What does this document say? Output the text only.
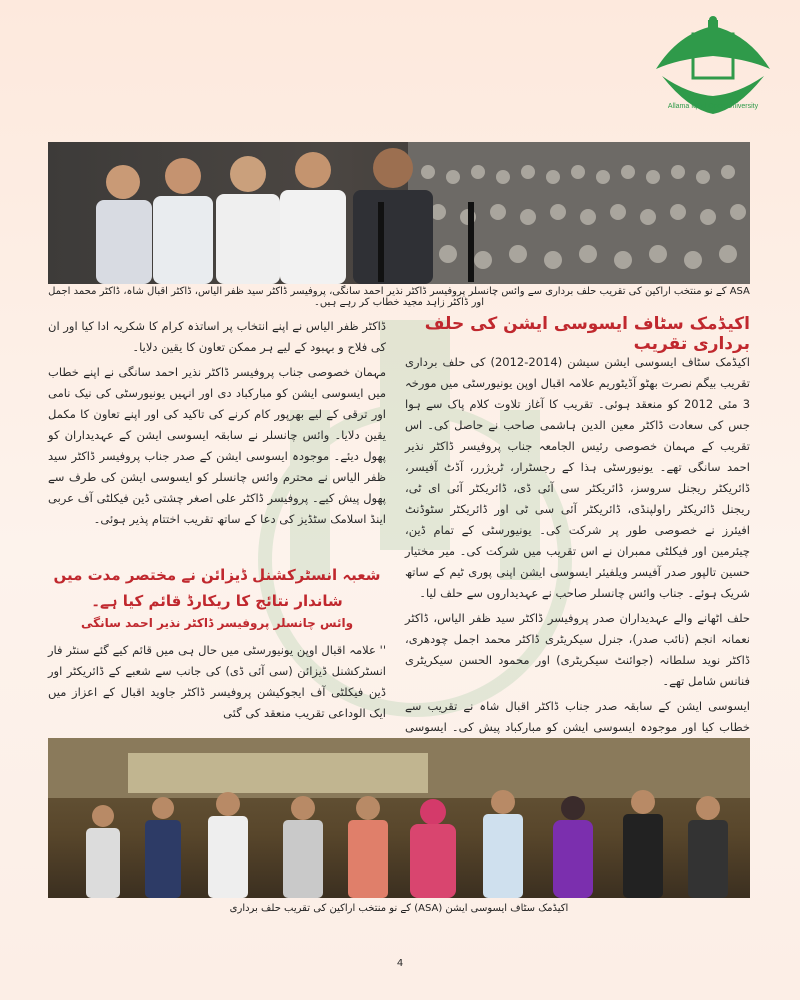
Allama Iqbal Open University
ASA کے نو منتخب اراکین کی تقریب حلف برداری سے وائس چانسلر پروفیسر ڈاکٹر نذیر احمد سانگی، پروفیسر ڈاکٹر سید ظفر الیاس، ڈاکٹر اقبال شاہ، ڈاکٹر محمد اجمل اور ڈاکٹر زاہد مجید خطاب کر رہے ہیں۔
اکیڈمک سٹاف ایسوسی ایشن کی حلف برداری تقریب

اکیڈمک سٹاف ایسوسی ایشن سیشن (2014-2012) کی حلف برداری تقریب بیگم نصرت بھٹو آڈیٹوریم علامہ اقبال اوپن یونیورسٹی میں مورخہ 3 مئی 2012 کو منعقد ہوئی۔ تقریب کا آغاز تلاوت کلام پاک سے ہوا جس کی سعادت ڈاکٹر معین الدین ہاشمی صاحب نے حاصل کی۔ اس تقریب کے مہمان خصوصی رئیس الجامعہ جناب پروفیسر ڈاکٹر نذیر احمد سانگی تھے۔ یونیورسٹی ہذا کے رجسٹرار، ٹریژرر، آڈٹ آفیسر، ڈائریکٹر ریجنل سروسز، ڈائریکٹر سی آئی ڈی، ڈائریکٹر آئی ای ٹی، ریجنل ڈائریکٹر راولپنڈی، ڈائریکٹر آئی سی ٹی اور ڈائریکٹر سٹوڈنٹ افیئرز نے خصوصی طور پر شرکت کی۔ یونیورسٹی کے تمام ڈین، چیئرمین اور فیکلٹی ممبران نے اس تقریب میں شرکت کی۔ میر مختیار حسین تالپور صدر آفیسر ویلفیئر ایسوسی ایشن اپنی پوری ٹیم کے ساتھ شریک ہوئے۔ جناب وائس چانسلر صاحب نے عہدیداروں سے حلف لیا۔

حلف اٹھانے والے عہدیداران صدر پروفیسر ڈاکٹر سید ظفر الیاس، ڈاکٹر نعمانہ انجم (نائب صدر)، جنرل سیکریٹری ڈاکٹر محمد اجمل چودھری، ڈاکٹر نوید سلطانہ (جوائنٹ سیکریٹری) اور محمود الحسن سیکریٹری فنانس شامل تھے۔

ایسوسی ایشن کے سابقہ صدر جناب ڈاکٹر اقبال شاہ نے تقریب سے خطاب کیا اور موجودہ ایسوسی ایشن کو مبارکباد پیش کی۔ ایسوسی

ڈاکٹر ظفر الیاس نے اپنے انتخاب پر اساتذہ کرام کا شکریہ ادا کیا اور ان کی فلاح و بہبود کے لیے ہر ممکن تعاون کا یقین دلایا۔

مہمان خصوصی جناب پروفیسر ڈاکٹر نذیر احمد سانگی نے اپنے خطاب میں ایسوسی ایشن کو مبارکباد دی اور انہیں یونیورسٹی کی نیک نامی اور ترقی کے لیے بھرپور کام کرنے کی تاکید کی اور اپنے تعاون کا مکمل یقین دلایا۔ وائس چانسلر نے سابقہ ایسوسی ایشن کے عہدیداران کو پھول دیئے۔ موجودہ ایسوسی ایشن کے صدر جناب پروفیسر ڈاکٹر سید ظفر الیاس نے محترم وائس چانسلر کو ایسوسی ایشن کی طرف سے پھول پیش کیے۔ پروفیسر ڈاکٹر علی اصغر چشتی ڈین فیکلٹی آف عربی اینڈ اسلامک سٹڈیز کی دعا کے ساتھ تقریب اختتام پذیر ہوئی۔

شعبہ انسٹرکشنل ڈیزائن نے مختصر مدت میں شاندار نتائج کا ریکارڈ قائم کیا ہے۔
وائس چانسلر پروفیسر ڈاکٹر نذیر احمد سانگی

'' علامہ اقبال اوپن یونیورسٹی میں حال ہی میں قائم کیے گئے سنٹر فار انسٹرکشنل ڈیزائن (سی آئی ڈی) کی جانب سے شعبے کے ڈائریکٹر اور ڈین فیکلٹی آف ایجوکیشن پروفیسر ڈاکٹر جاوید اقبال کے اعزاز میں ایک الوداعی تقریب منعقد کی گئی

اکیڈمک سٹاف ایسوسی ایشن (ASA) کے نو منتخب اراکین کی تقریب حلف برداری
4
